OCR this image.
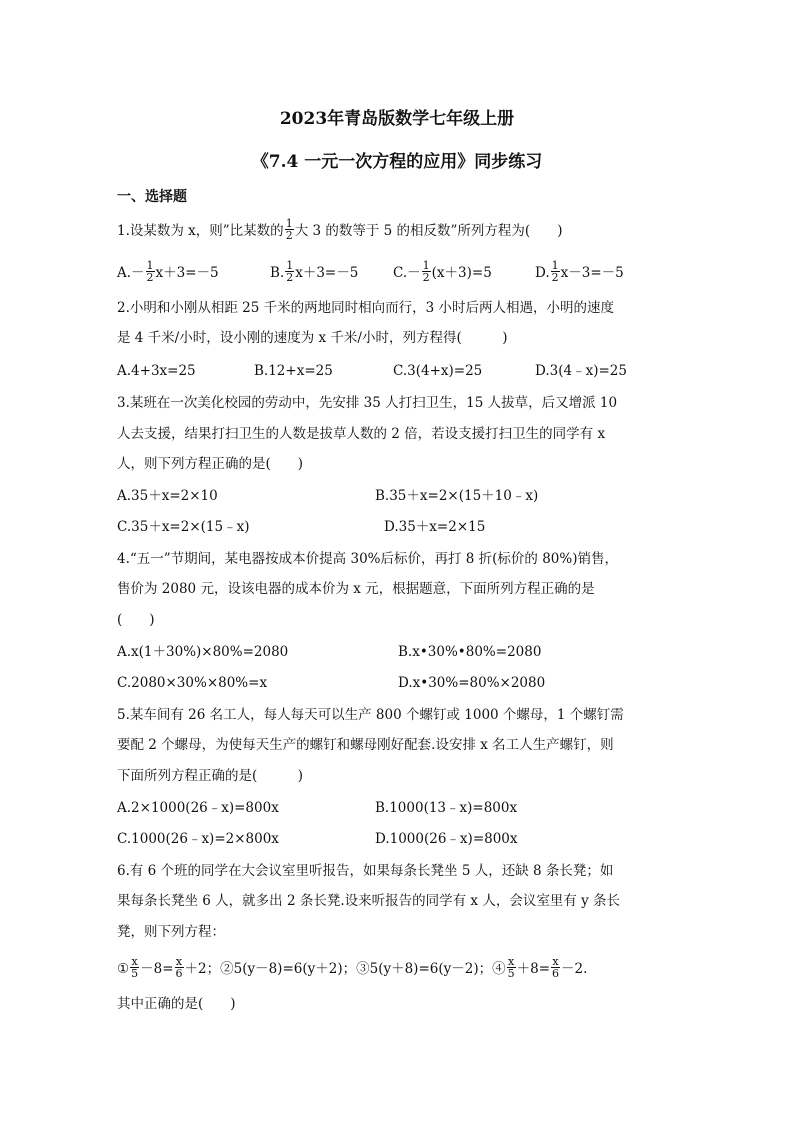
2023年青岛版数学七年级上册
《7.4 一元一次方程的应用》同步练习
一、选择题
1.设某数为 x，则”比某数的 $\frac{1}{2}$ 大 3 的数等于 5 的相反数”所列方程为(　　)
$A.- \frac{1}{2} x+3=-5$	B. $\frac{1}{2} x+3=-5$	$C.- \frac{1}{2} (x+3)=5$	D. $\frac{1}{2} x-3=-5$
2.小明和小刚从相距 25 千米的两地同时相向而行，3 小时后两人相遇，小明的速度
是 4 千米/小时，设小刚的速度为 x 千米/小时，列方程得(　　　)
A.4+3x=25	B.12+x=25	C.3(4+x)=25	D.3(4﹣x)=25
3.某班在一次美化校园的劳动中，先安排 35 人打扫卫生，15 人拔草，后又增派 10
人去支援，结果打扫卫生的人数是拔草人数的 2 倍，若设支援打扫卫生的同学有 x
人，则下列方程正确的是(　　)
A.35＋x=2×10	B.35＋x=2×(15＋10﹣x)
C.35＋x=2×(15﹣x)	D.35＋x=2×15
4.“五一”节期间，某电器按成本价提高 30%后标价，再打 8 折(标价的 80%)销售，
售价为 2080 元，设该电器的成本价为 x 元，根据题意，下面所列方程正确的是
(　　)
A.x(1＋30%)×80%=2080	B.x•30%•80%=2080
C.2080×30%×80%=x	D.x•30%=80%×2080
5.某车间有 26 名工人，每人每天可以生产 800 个螺钉或 1000 个螺母，1 个螺钉需
要配 2 个螺母，为使每天生产的螺钉和螺母刚好配套.设安排 x 名工人生产螺钉，则
下面所列方程正确的是(　　　)
A.2×1000(26﹣x)=800x	B.1000(13﹣x)=800x
C.1000(26﹣x)=2×800x	D.1000(26﹣x)=800x
6.有 6 个班的同学在大会议室里听报告，如果每条长凳坐 5 人，还缺 8 条长凳；如
果每条长凳坐 6 人，就多出 2 条长凳.设来听报告的同学有 x 人，会议室里有 y 条长
凳，则下列方程：
① $\frac{x}{5} -8= \frac{x}{6} +2$；②5(y－8)=6(y＋2)；③5(y＋8)=6(y－2)；④ $\frac{x}{5} +8= \frac{x}{6} -2$.
其中正确的是(　　)
